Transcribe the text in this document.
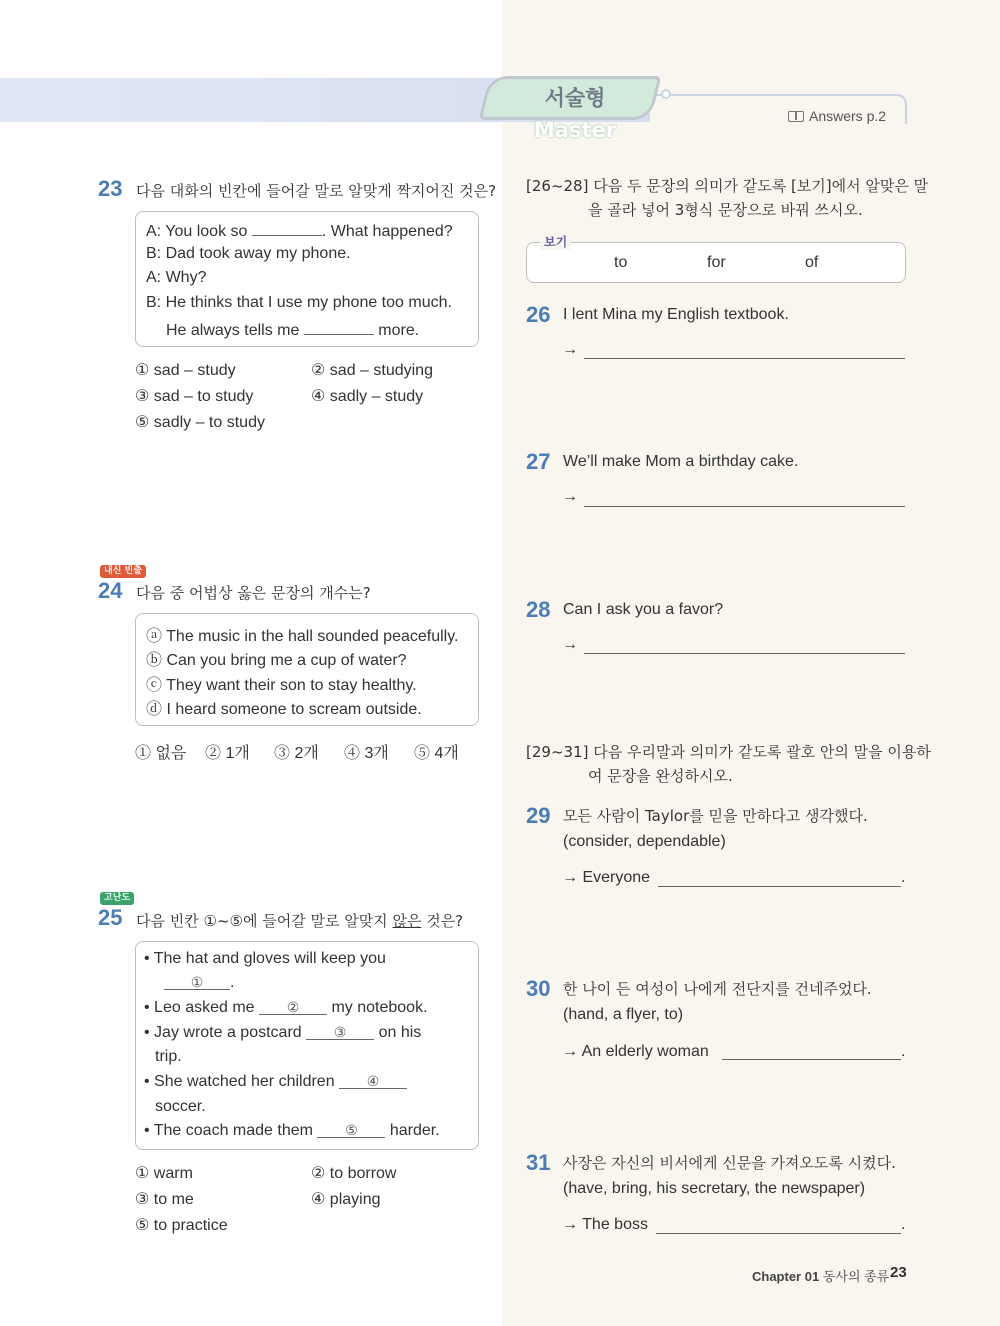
서술형 Master
Answers p.2
23 다음 대화의 빈칸에 들어갈 말로 알맞게 짝지어진 것은?
A: You look so	. What happened?
B: Dad took away my phone.
A: Why?
B: He thinks that I use my phone too much.
He always tells me	more.
① sad – study	② sad – studying
③ sad – to study	④ sadly – study
⑤ sadly – to study
내신 빈출
24 다음 중 어법상 옳은 문장의 개수는?
ⓐ The music in the hall sounded peacefully.
ⓑ Can you bring me a cup of water?
ⓒ They want their son to stay healthy.
ⓓ I heard someone to scream outside.
① 없음 ② 1개 ③ 2개 ④ 3개 ⑤ 4개
고난도
25 다음 빈칸 ①~⑤에 들어갈 말로 알맞지 않은 것은?
• The hat and gloves will keep you
① .
• Leo asked me ② my notebook.
• Jay wrote a postcard ③ on his
trip.
• She watched her children ④
soccer.
• The coach made them ⑤ harder.
① warm	② to borrow
③ to me	④ playing
⑤ to practice
[26~28] 다음 두 문장의 의미가 같도록 [보기]에서 알맞은 말
을 골라 넣어 3형식 문장으로 바꿔 쓰시오.
to	for	of
보기
26 I lent Mina my English textbook.
→
27 We’ll make Mom a birthday cake.
→
28 Can I ask you a favor?
→
[29~31] 다음 우리말과 의미가 같도록 괄호 안의 말을 이용하
여 문장을 완성하시오.
29 모든 사람이 Taylor를 믿을 만하다고 생각했다.
(consider, dependable)
→ Everyone	.
30 한 나이 든 여성이 나에게 전단지를 건네주었다.
(hand, a flyer, to)
→ An elderly woman	.
31 사장은 자신의 비서에게 신문을 가져오도록 시켰다.
(have, bring, his secretary, the newspaper)
→ The boss	.
Chapter 01 동사의 종류 23
